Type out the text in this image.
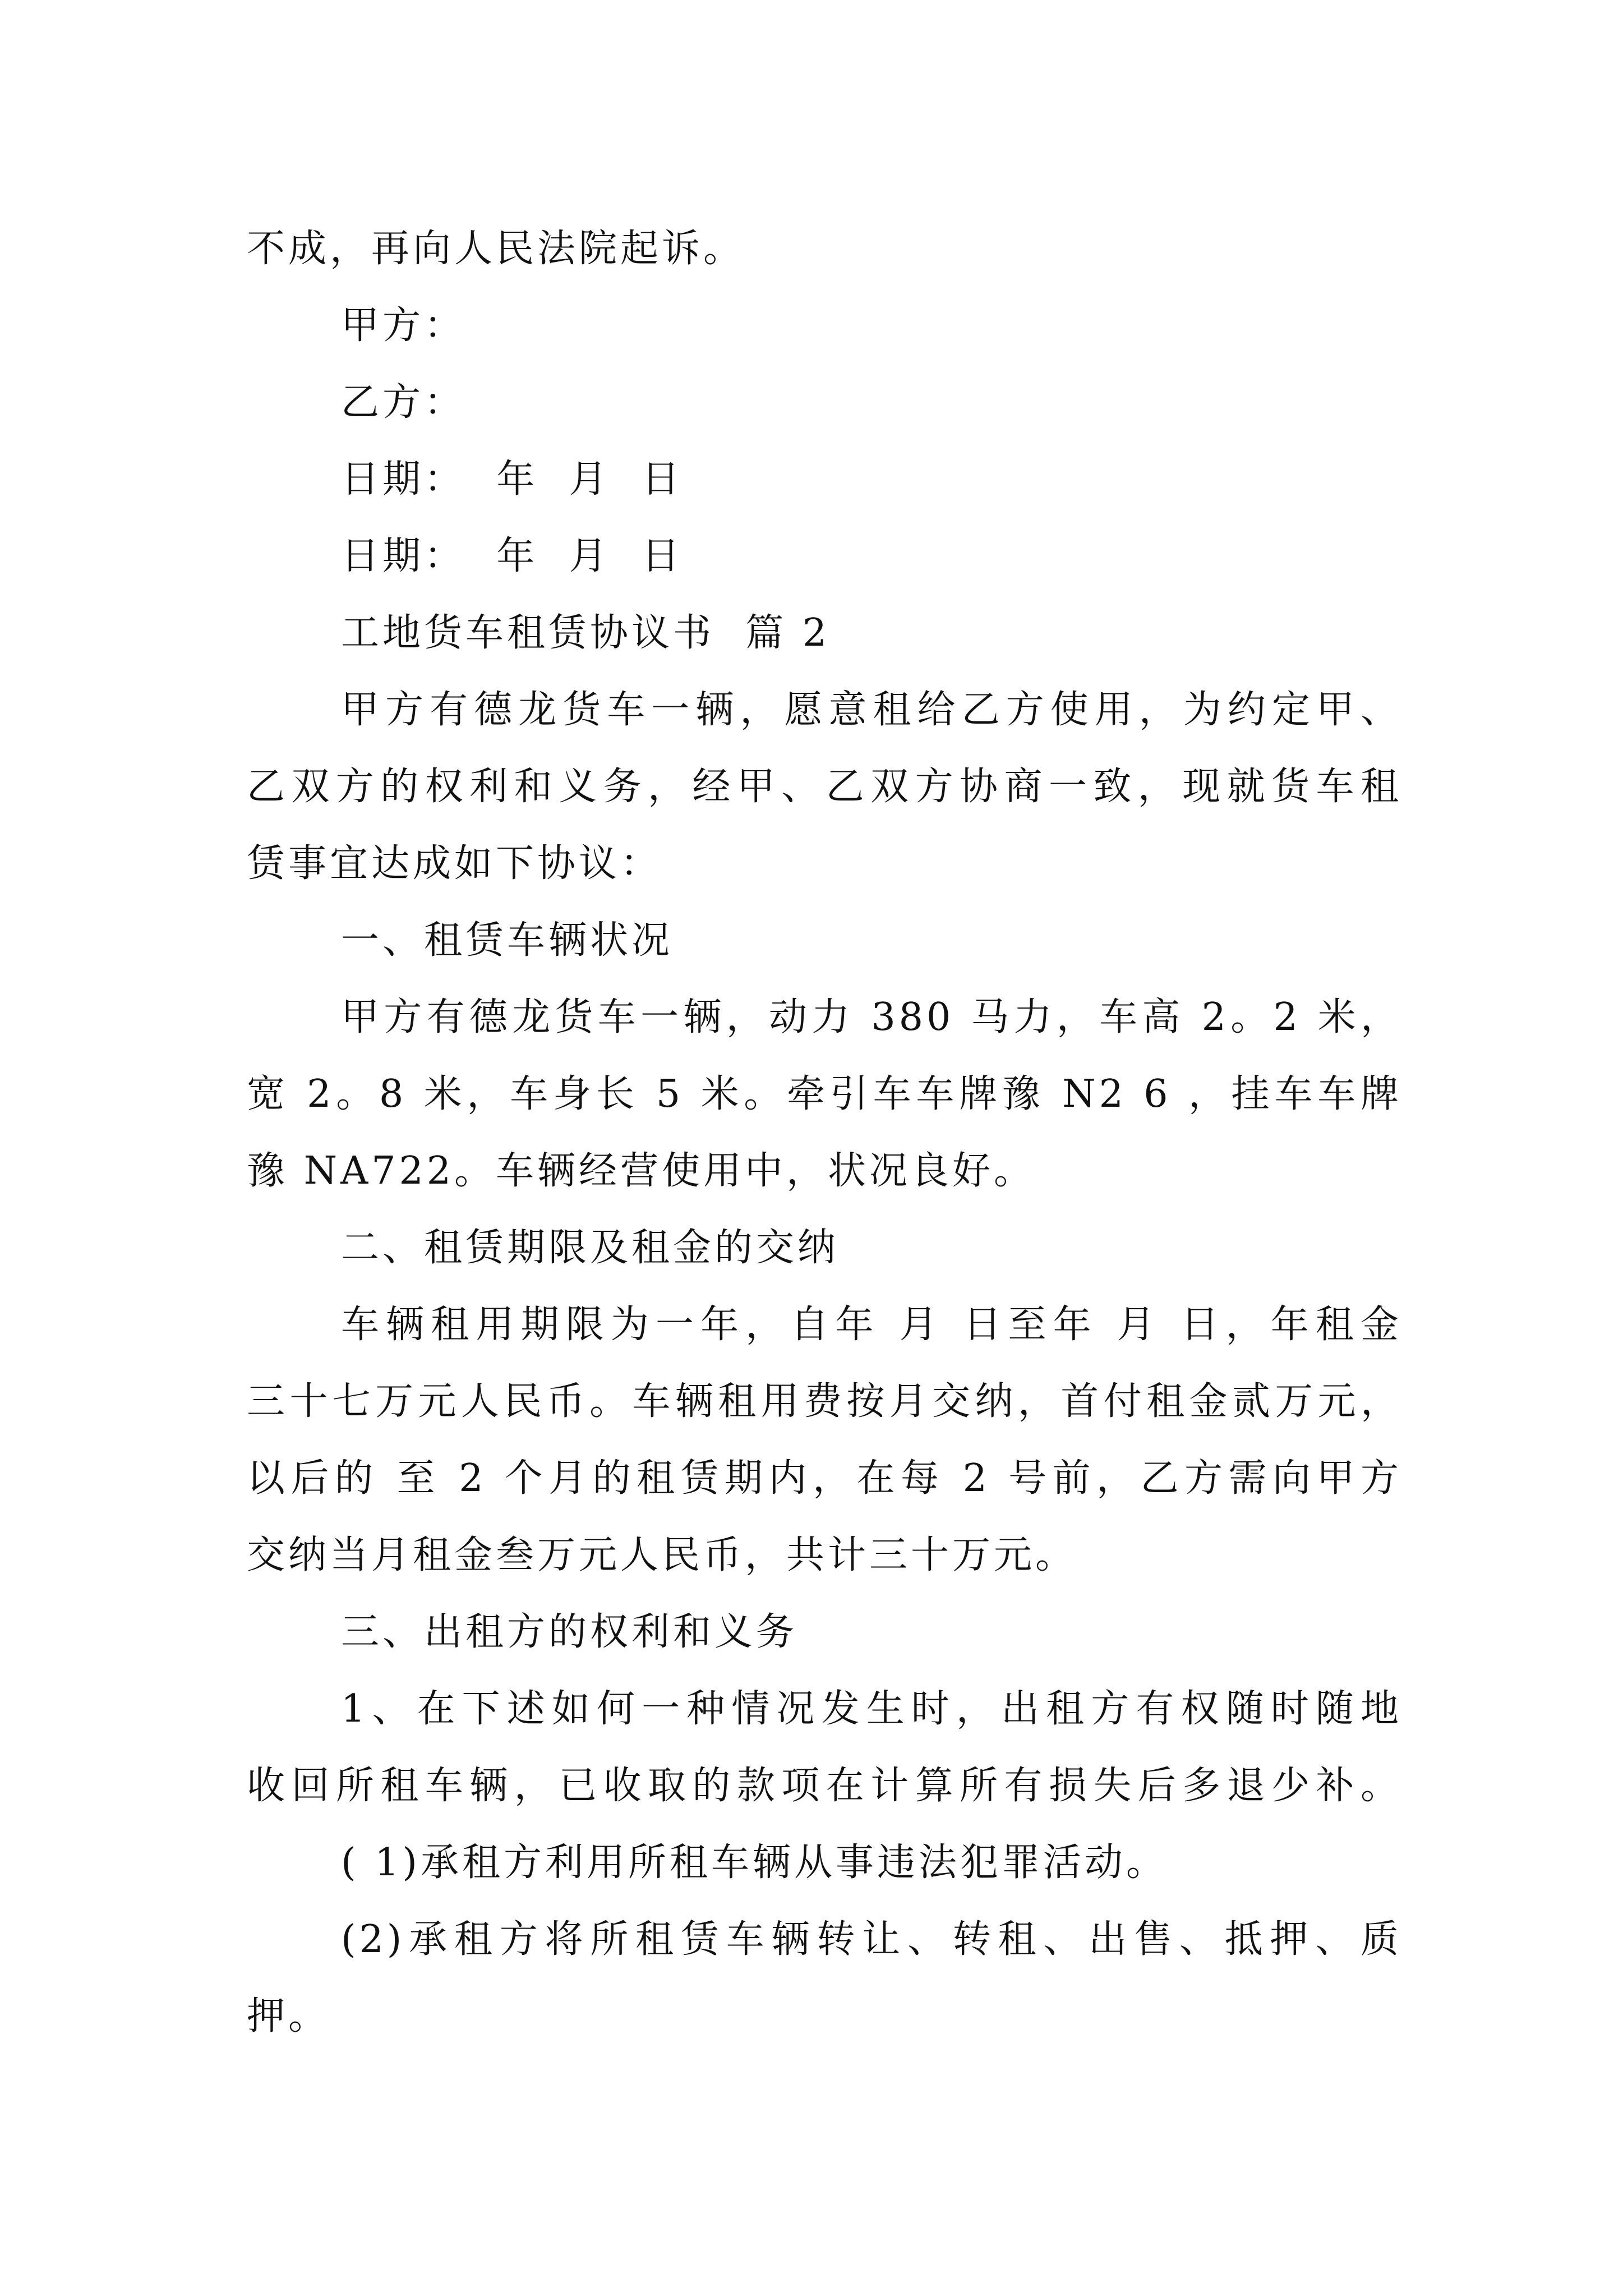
不成，再向人民法院起诉。
甲方：
乙方：
日期：  年  月  日
日期：  年  月  日
工地货车租赁协议书  篇 2
甲方有德龙货车一辆，愿意租给乙方使用，为约定甲、
乙双方的权利和义务，经甲、乙双方协商一致，现就货车租
赁事宜达成如下协议：
一、租赁车辆状况
甲方有德龙货车一辆，动力 380 马力，车高 2。2 米，
宽 2。8 米，车身长 5 米。牵引车车牌豫 N2 6 ，挂车车牌
豫 NA722。车辆经营使用中，状况良好。
二、租赁期限及租金的交纳
车辆租用期限为一年，自年 月 日至年 月 日，年租金
三十七万元人民币。车辆租用费按月交纳，首付租金贰万元，
以后的 至 2 个月的租赁期内，在每 2 号前，乙方需向甲方
交纳当月租金叁万元人民币，共计三十万元。
三、出租方的权利和义务
1、在下述如何一种情况发生时，出租方有权随时随地
收回所租车辆，已收取的款项在计算所有损失后多退少补。
( 1)承租方利用所租车辆从事违法犯罪活动。
(2)承租方将所租赁车辆转让、转租、出售、抵押、质
押。
